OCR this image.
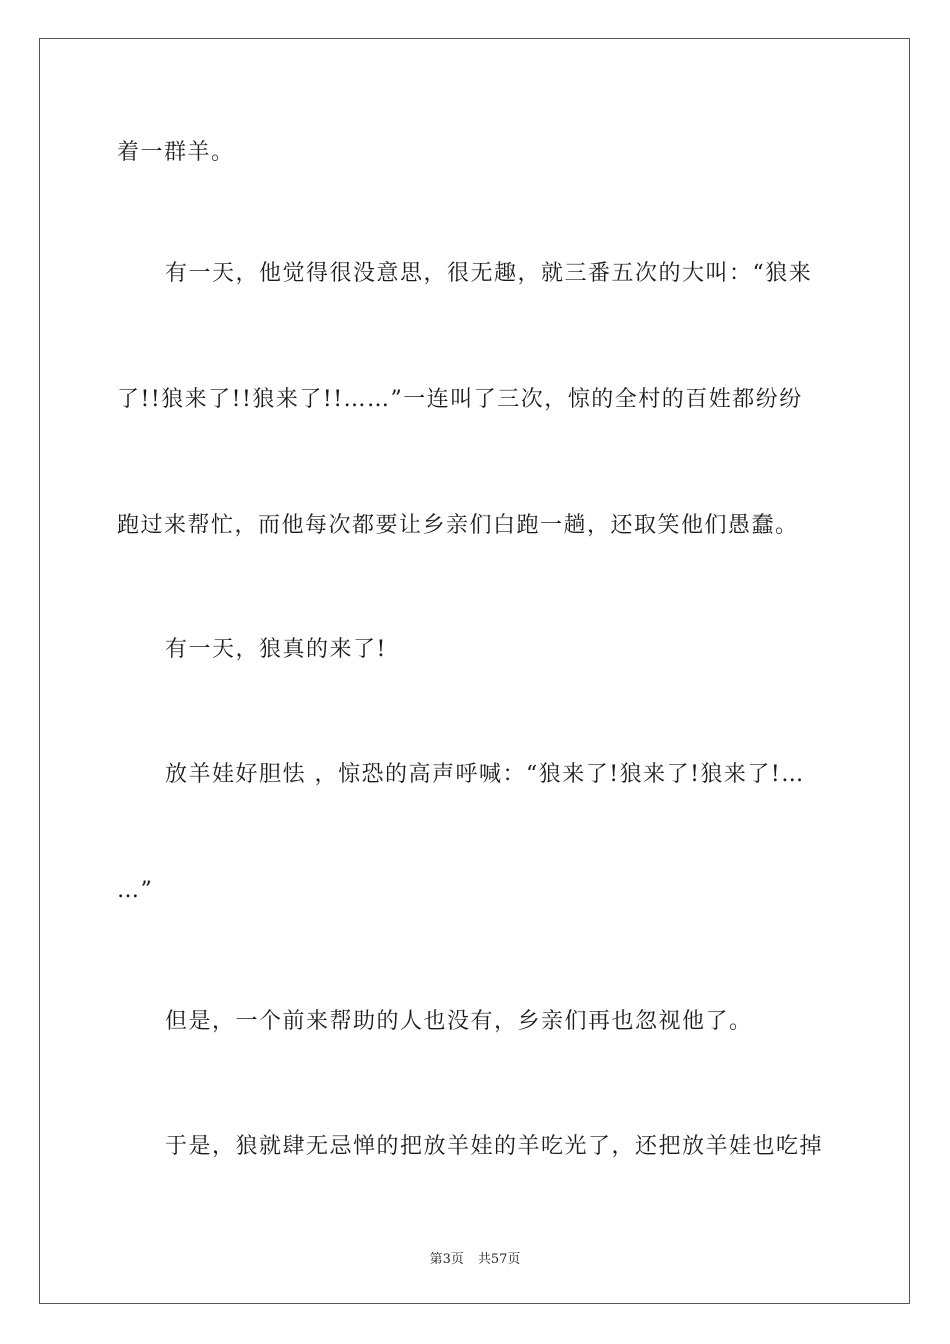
着一群羊。
有一天，他觉得很没意思，很无趣，就三番五次的大叫：“狼来
了!!狼来了!!狼来了!!……”一连叫了三次，惊的全村的百姓都纷纷
跑过来帮忙，而他每次都要让乡亲们白跑一趟，还取笑他们愚蠢。
有一天，狼真的来了!
放羊娃好胆怯 ，惊恐的高声呼喊：“狼来了!狼来了!狼来了!…
…”
但是，一个前来帮助的人也没有，乡亲们再也忽视他了。
于是，狼就肆无忌惮的把放羊娃的羊吃光了，还把放羊娃也吃掉
第3页 共57页
